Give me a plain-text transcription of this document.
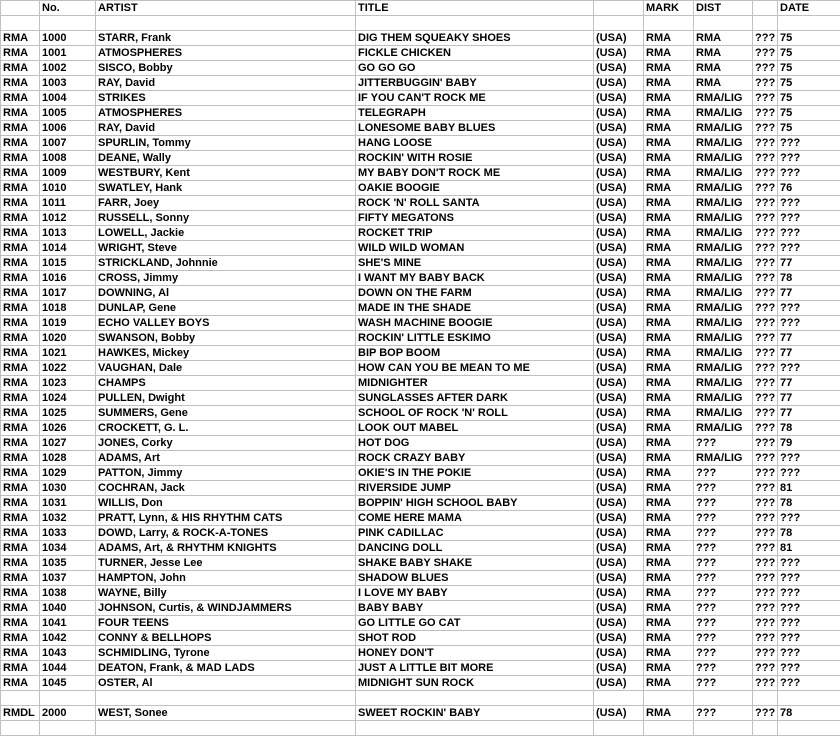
	No.	ARTIST	TITLE		MARK	DIST		DATE

RMA	1000	STARR, Frank	DIG THEM SQUEAKY SHOES	(USA)	RMA	RMA	???	75
RMA	1001	ATMOSPHERES	FICKLE CHICKEN	(USA)	RMA	RMA	???	75
RMA	1002	SISCO, Bobby	GO GO GO	(USA)	RMA	RMA	???	75
RMA	1003	RAY, David	JITTERBUGGIN' BABY	(USA)	RMA	RMA	???	75
RMA	1004	STRIKES	IF YOU CAN'T ROCK ME	(USA)	RMA	RMA/LIG	???	75
RMA	1005	ATMOSPHERES	TELEGRAPH	(USA)	RMA	RMA/LIG	???	75
RMA	1006	RAY, David	LONESOME BABY BLUES	(USA)	RMA	RMA/LIG	???	75
RMA	1007	SPURLIN, Tommy	HANG LOOSE	(USA)	RMA	RMA/LIG	???	???
RMA	1008	DEANE, Wally	ROCKIN' WITH ROSIE	(USA)	RMA	RMA/LIG	???	???
RMA	1009	WESTBURY, Kent	MY BABY DON'T ROCK ME	(USA)	RMA	RMA/LIG	???	???
RMA	1010	SWATLEY, Hank	OAKIE BOOGIE	(USA)	RMA	RMA/LIG	???	76
RMA	1011	FARR, Joey	ROCK 'N' ROLL SANTA	(USA)	RMA	RMA/LIG	???	???
RMA	1012	RUSSELL, Sonny	FIFTY MEGATONS	(USA)	RMA	RMA/LIG	???	???
RMA	1013	LOWELL, Jackie	ROCKET TRIP	(USA)	RMA	RMA/LIG	???	???
RMA	1014	WRIGHT, Steve	WILD WILD WOMAN	(USA)	RMA	RMA/LIG	???	???
RMA	1015	STRICKLAND, Johnnie	SHE'S MINE	(USA)	RMA	RMA/LIG	???	77
RMA	1016	CROSS, Jimmy	I WANT MY BABY BACK	(USA)	RMA	RMA/LIG	???	78
RMA	1017	DOWNING, Al	DOWN ON THE FARM	(USA)	RMA	RMA/LIG	???	77
RMA	1018	DUNLAP, Gene	MADE IN THE SHADE	(USA)	RMA	RMA/LIG	???	???
RMA	1019	ECHO VALLEY BOYS	WASH MACHINE BOOGIE	(USA)	RMA	RMA/LIG	???	???
RMA	1020	SWANSON, Bobby	ROCKIN' LITTLE ESKIMO	(USA)	RMA	RMA/LIG	???	77
RMA	1021	HAWKES, Mickey	BIP BOP BOOM	(USA)	RMA	RMA/LIG	???	77
RMA	1022	VAUGHAN, Dale	HOW CAN YOU BE MEAN TO ME	(USA)	RMA	RMA/LIG	???	???
RMA	1023	CHAMPS	MIDNIGHTER	(USA)	RMA	RMA/LIG	???	77
RMA	1024	PULLEN, Dwight	SUNGLASSES AFTER DARK	(USA)	RMA	RMA/LIG	???	77
RMA	1025	SUMMERS, Gene	SCHOOL OF ROCK 'N' ROLL	(USA)	RMA	RMA/LIG	???	77
RMA	1026	CROCKETT, G. L.	LOOK OUT MABEL	(USA)	RMA	RMA/LIG	???	78
RMA	1027	JONES, Corky	HOT DOG	(USA)	RMA	???	???	79
RMA	1028	ADAMS, Art	ROCK CRAZY BABY	(USA)	RMA	RMA/LIG	???	???
RMA	1029	PATTON, Jimmy	OKIE'S IN THE POKIE	(USA)	RMA	???	???	???
RMA	1030	COCHRAN, Jack	RIVERSIDE JUMP	(USA)	RMA	???	???	81
RMA	1031	WILLIS, Don	BOPPIN' HIGH SCHOOL BABY	(USA)	RMA	???	???	78
RMA	1032	PRATT, Lynn, & HIS RHYTHM CATS	COME HERE MAMA	(USA)	RMA	???	???	???
RMA	1033	DOWD, Larry, & ROCK-A-TONES	PINK CADILLAC	(USA)	RMA	???	???	78
RMA	1034	ADAMS, Art, & RHYTHM KNIGHTS	DANCING DOLL	(USA)	RMA	???	???	81
RMA	1035	TURNER, Jesse Lee	SHAKE BABY SHAKE	(USA)	RMA	???	???	???
RMA	1037	HAMPTON, John	SHADOW BLUES	(USA)	RMA	???	???	???
RMA	1038	WAYNE, Billy	I LOVE MY BABY	(USA)	RMA	???	???	???
RMA	1040	JOHNSON, Curtis, & WINDJAMMERS	BABY BABY	(USA)	RMA	???	???	???
RMA	1041	FOUR TEENS	GO LITTLE GO CAT	(USA)	RMA	???	???	???
RMA	1042	CONNY & BELLHOPS	SHOT ROD	(USA)	RMA	???	???	???
RMA	1043	SCHMIDLING, Tyrone	HONEY DON'T	(USA)	RMA	???	???	???
RMA	1044	DEATON, Frank, & MAD LADS	JUST A LITTLE BIT MORE	(USA)	RMA	???	???	???
RMA	1045	OSTER, Al	MIDNIGHT SUN ROCK	(USA)	RMA	???	???	???

RMDL	2000	WEST, Sonee	SWEET ROCKIN' BABY	(USA)	RMA	???	???	78
